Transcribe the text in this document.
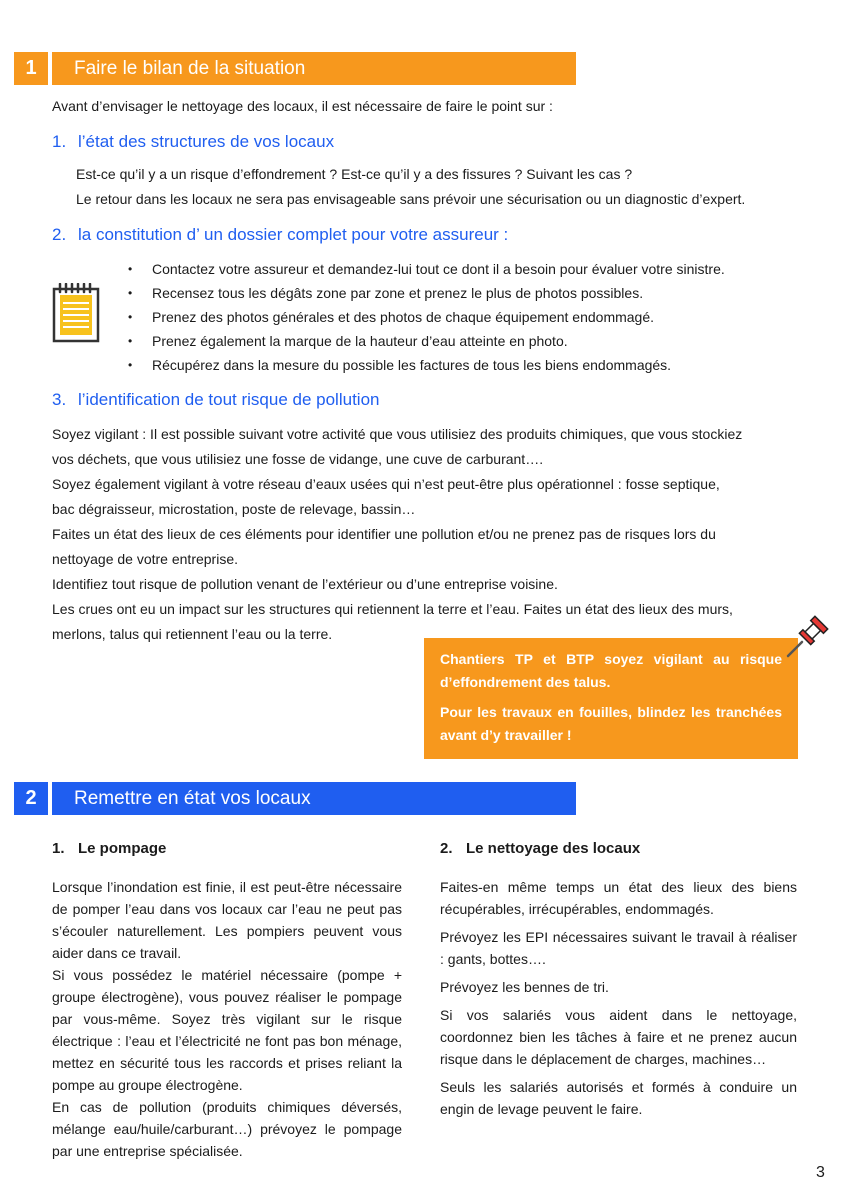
1	Faire le bilan de la situation
Avant d’envisager le nettoyage des locaux, il est nécessaire de faire le point sur :
1. l’état des structures de vos locaux
Est-ce qu’il y a un risque d’effondrement ? Est-ce qu’il y a des fissures ? Suivant les cas ?
Le retour dans les locaux ne sera pas envisageable sans prévoir une sécurisation ou un diagnostic d’expert.
2. la constitution d’ un dossier complet pour votre assureur :
• Contactez votre assureur et demandez-lui tout ce dont il a besoin pour évaluer votre sinistre.
• Recensez tous les dégâts zone par zone et prenez le plus de photos possibles.
• Prenez des photos générales et des photos de chaque équipement endommagé.
• Prenez également la marque de la hauteur d’eau atteinte en photo.
• Récupérez dans la mesure du possible les factures de tous les biens endommagés.
3. l’identification de tout risque de pollution
Soyez vigilant : Il est possible suivant votre activité que vous utilisiez des produits chimiques, que vous stockiez
vos déchets, que vous utilisiez une fosse de vidange, une cuve de carburant….
Soyez également vigilant à votre réseau d’eaux usées qui n’est peut-être plus opérationnel : fosse septique,
bac dégraisseur, microstation, poste de relevage, bassin…
Faites un état des lieux de ces éléments pour identifier une pollution et/ou ne prenez pas de risques lors du
nettoyage de votre entreprise.
Identifiez tout risque de pollution venant de l’extérieur ou d’une entreprise voisine.
Les crues ont eu un impact sur les structures qui retiennent la terre et l’eau. Faites un état des lieux des murs,
merlons, talus qui retiennent l’eau ou la terre.

Chantiers TP et BTP soyez vigilant au risque d’effondrement des talus.

Pour les travaux en fouilles, blindez les tranchées avant d’y travailler !

2	Remettre en état vos locaux
1. Le pompage

Lorsque l’inondation est finie, il est peut-être nécessaire de pomper l’eau dans vos locaux car l’eau ne peut pas s’écouler naturellement. Les pompiers peuvent vous aider dans ce travail.

Si vous possédez le matériel nécessaire (pompe + groupe électrogène), vous pouvez réaliser le pompage par vous-même. Soyez très vigilant sur le risque électrique : l’eau et l’électricité ne font pas bon ménage, mettez en sécurité tous les raccords et prises reliant la pompe au groupe électrogène.

En cas de pollution (produits chimiques déversés, mélange eau/huile/carburant…) prévoyez le pompage par une entreprise spécialisée.

2. Le nettoyage des locaux

Faites-en même temps un état des lieux des biens récupérables, irrécupérables, endommagés.

Prévoyez les EPI nécessaires suivant le travail à réaliser : gants, bottes….

Prévoyez les bennes de tri.

Si vos salariés vous aident dans le nettoyage, coordonnez bien les tâches à faire et ne prenez aucun risque dans le déplacement de charges, machines…

Seuls les salariés autorisés et formés à conduire un engin de levage peuvent le faire.

3
